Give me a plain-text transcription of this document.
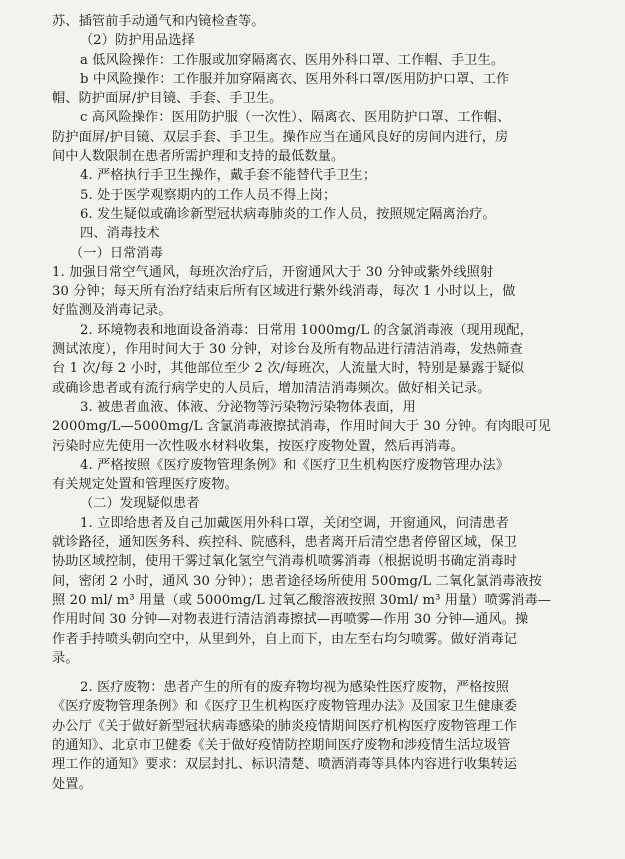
苏、插管前手动通气和内镜检查等。
（2）防护用品选择
a 低风险操作：工作服或加穿隔离衣、医用外科口罩、工作帽、手卫生。
b 中风险操作：工作服并加穿隔离衣、医用外科口罩/医用防护口罩、工作
帽、防护面屏/护目镜、手套、手卫生。
c 高风险操作：医用防护服（一次性）、隔离衣、医用防护口罩、工作帽、
防护面屏/护目镜、双层手套、手卫生。操作应当在通风良好的房间内进行，房
间中人数限制在患者所需护理和支持的最低数量。
4. 严格执行手卫生操作，戴手套不能替代手卫生；
5. 处于医学观察期内的工作人员不得上岗；
6. 发生疑似或确诊新型冠状病毒肺炎的工作人员，按照规定隔离治疗。
四、消毒技术
（一）日常消毒
1. 加强日常空气通风，每班次治疗后，开窗通风大于 30 分钟或紫外线照射
30 分钟；每天所有治疗结束后所有区域进行紫外线消毒，每次 1 小时以上，做
好监测及消毒记录。
2. 环境物表和地面设备消毒：日常用 1000mg/L 的含氯消毒液（现用现配，
测试浓度），作用时间大于 30 分钟，对诊台及所有物品进行清洁消毒，发热筛查
台 1 次/每 2 小时，其他部位至少 2 次/每班次，人流量大时，特别是暴露于疑似
或确诊患者或有流行病学史的人员后，增加清洁消毒频次。做好相关记录。
3. 被患者血液、体液、分泌物等污染物污染物体表面，用
2000mg/L—5000mg/L 含氯消毒液擦拭消毒，作用时间大于 30 分钟。有肉眼可见
污染时应先使用一次性吸水材料收集，按医疗废物处置，然后再消毒。
4. 严格按照《医疗废物管理条例》和《医疗卫生机构医疗废物管理办法》
有关规定处置和管理医疗废物。
（二）发现疑似患者
1. 立即给患者及自己加戴医用外科口罩，关闭空调，开窗通风，问清患者
就诊路径，通知医务科、疾控科、院感科，患者离开后清空患者停留区域，保卫
协助区域控制，使用干雾过氧化氢空气消毒机喷雾消毒（根据说明书确定消毒时
间，密闭 2 小时，通风 30 分钟）；患者途径场所使用 500mg/L 二氧化氯消毒液按
照 20 ml/ m³ 用量（或 5000mg/L 过氧乙酸溶液按照 30ml/ m³ 用量）喷雾消毒—
作用时间 30 分钟—对物表进行清洁消毒擦拭—再喷雾—作用 30 分钟—通风。操
作者手持喷头朝向空中，从里到外，自上而下，由左至右均匀喷雾。做好消毒记
录。
2. 医疗废物：患者产生的所有的废弃物均视为感染性医疗废物，严格按照
《医疗废物管理条例》和《医疗卫生机构医疗废物管理办法》及国家卫生健康委
办公厅《关于做好新型冠状病毒感染的肺炎疫情期间医疗机构医疗废物管理工作
的通知》、北京市卫健委《关于做好疫情防控期间医疗废物和涉疫情生活垃圾管
理工作的通知》要求：双层封扎、标识清楚、喷洒消毒等具体内容进行收集转运
处置。
